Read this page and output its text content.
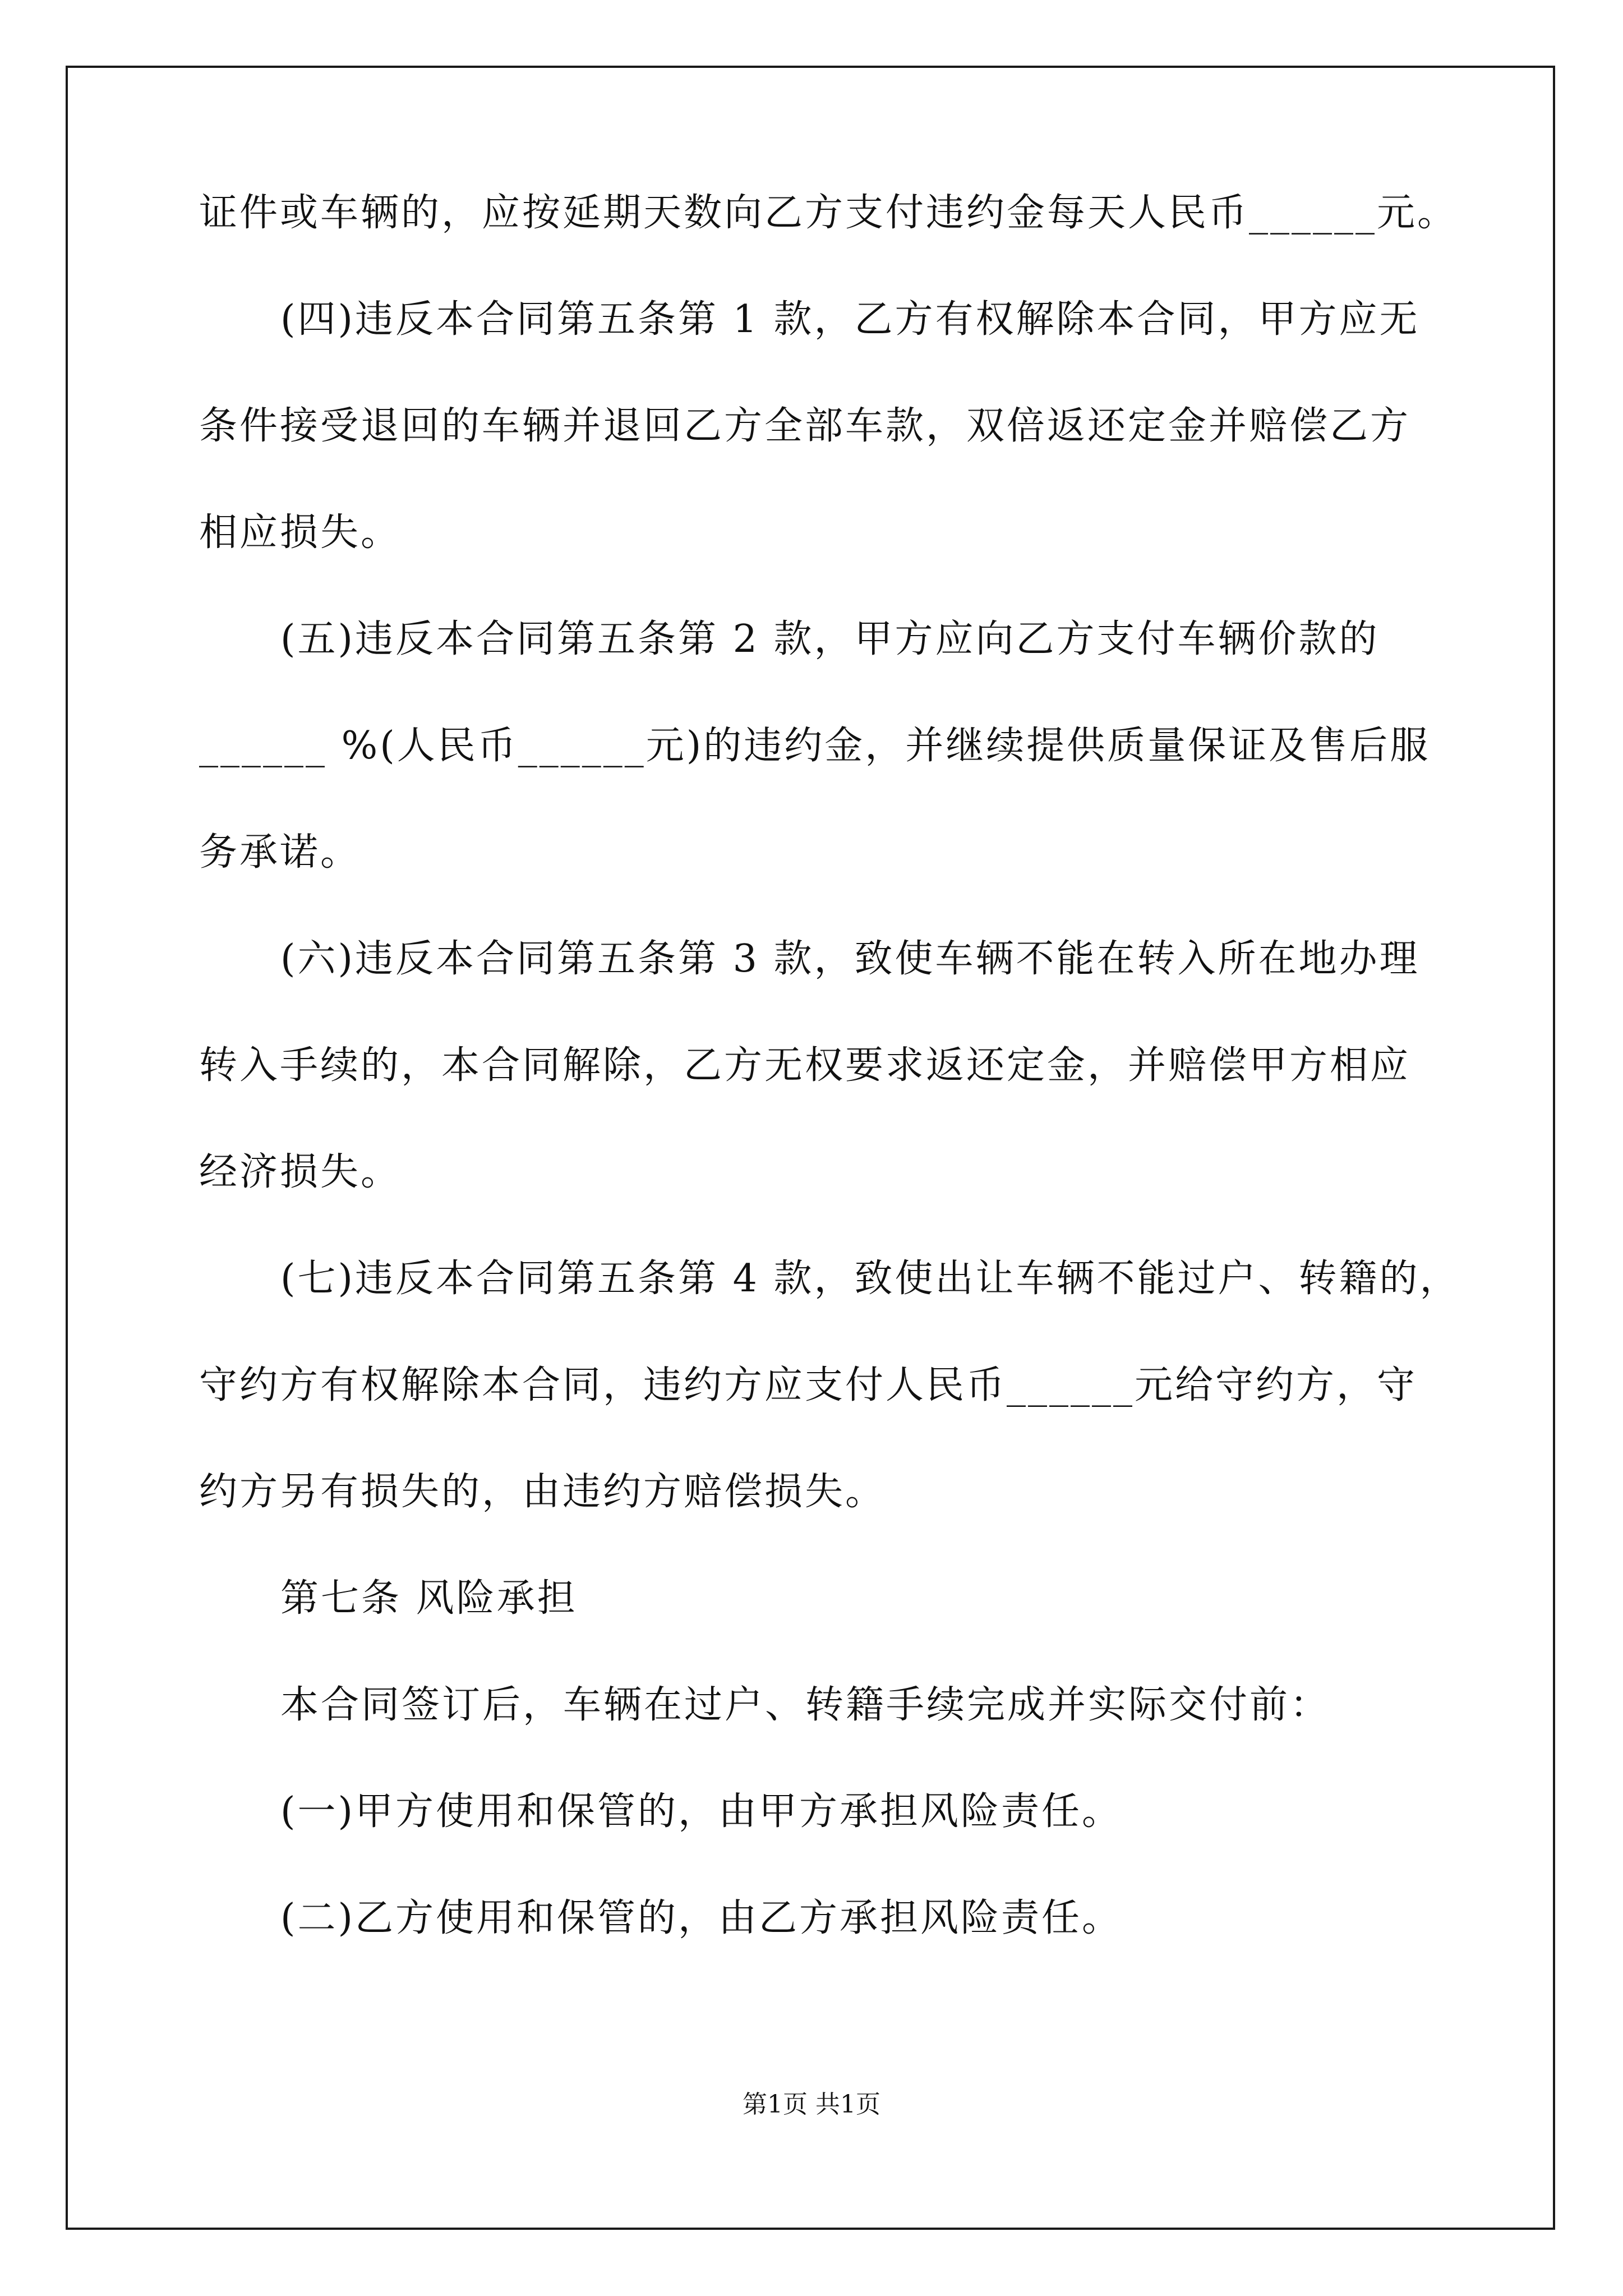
证件或车辆的，应按延期天数向乙方支付违约金每天人民币______元。
(四)违反本合同第五条第 1 款，乙方有权解除本合同，甲方应无
条件接受退回的车辆并退回乙方全部车款，双倍返还定金并赔偿乙方
相应损失。
(五)违反本合同第五条第 2 款，甲方应向乙方支付车辆价款的
______ %(人民币______元)的违约金，并继续提供质量保证及售后服
务承诺。
(六)违反本合同第五条第 3 款，致使车辆不能在转入所在地办理
转入手续的，本合同解除，乙方无权要求返还定金，并赔偿甲方相应
经济损失。
(七)违反本合同第五条第 4 款，致使出让车辆不能过户、转籍的，
守约方有权解除本合同，违约方应支付人民币______元给守约方，守
约方另有损失的，由违约方赔偿损失。
第七条 风险承担
本合同签订后，车辆在过户、转籍手续完成并实际交付前：
(一)甲方使用和保管的，由甲方承担风险责任。
(二)乙方使用和保管的，由乙方承担风险责任。
第1页 共1页
